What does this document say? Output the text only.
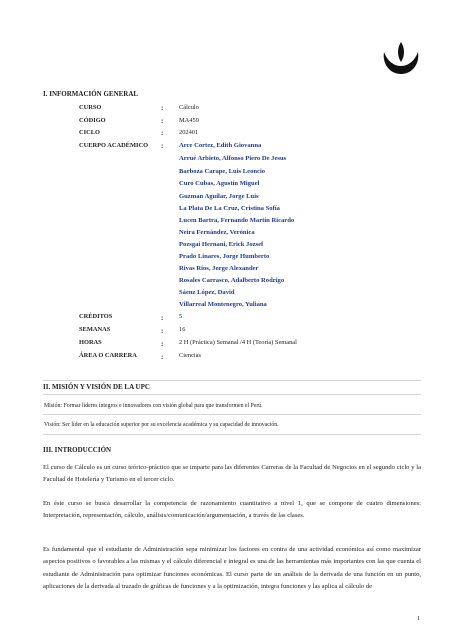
I. INFORMACIÓN GENERAL
CURSO	: Cálculo
CÓDIGO	: MA459
CICLO	: 202401
CUERPO ACADÉMICO : Arce Cortez, Edith Giovanna
Arrué Arbieto, Alfonso Piero De Jesus
Barboza Carape, Luis Leoncio
Curo Cubas, Agustín Miguel
Guzman Aguilar, Jorge Luis
La Plata De La Cruz, Cristina Sofía
Lucen Bartra, Fernando Martin Ricardo
Neira Fernández, Verónica
Pozsgai Hernani, Erick Jozsef
Prado Linares, Jorge Humberto
Rivas Rios, Jorge Alexander
Rosales Carrasco, Adalberto Rodrigo
Sáenz López, David
Villarreal Montenegro, Yuliana
CRÉDITOS	: 5
SEMANAS	: 16
HORAS	: 2 H (Práctica) Semanal /4 H (Teoría) Semanal
ÁREA O CARRERA	: Ciencias
II. MISIÓN Y VISIÓN DE LA UPC
Misión: Formar líderes íntegros e innovadores con visión global para que transformen el Perú.
Visión: Ser líder en la educación superior por su excelencia académica y su capacidad de innovación.
III. INTRODUCCIÓN
El curso de Cálculo es un curso teórico-práctico que se imparte para las diferentes Carreras de la Facultad de Negocios en el segundo ciclo y la Facultad de Hotelería y Turismo en el tercer ciclo.
En éste curso se busca desarrollar la competencia de razonamiento cuantitativo a nivel 1, que se compone de cuatro dimensiones: Interpretación, representación, cálculo, análisis/comunicación/argumentación, a través de las clases.
Es fundamental que el estudiante de Administración sepa minimizar los factores en contra de una actividad económica así como maximizar aspectos positivos o favorables a las mismas y el cálculo diferencial e integral es una de las herramientas más importantes con las que cuenta el estudiante de Administración para optimizar funciones económicas. El curso parte de un análisis de la derivada de una función en un punto, aplicaciones de la derivada al trazado de gráficas de funciones y a la optimización, integra funciones y las aplica al cálculo de
1
